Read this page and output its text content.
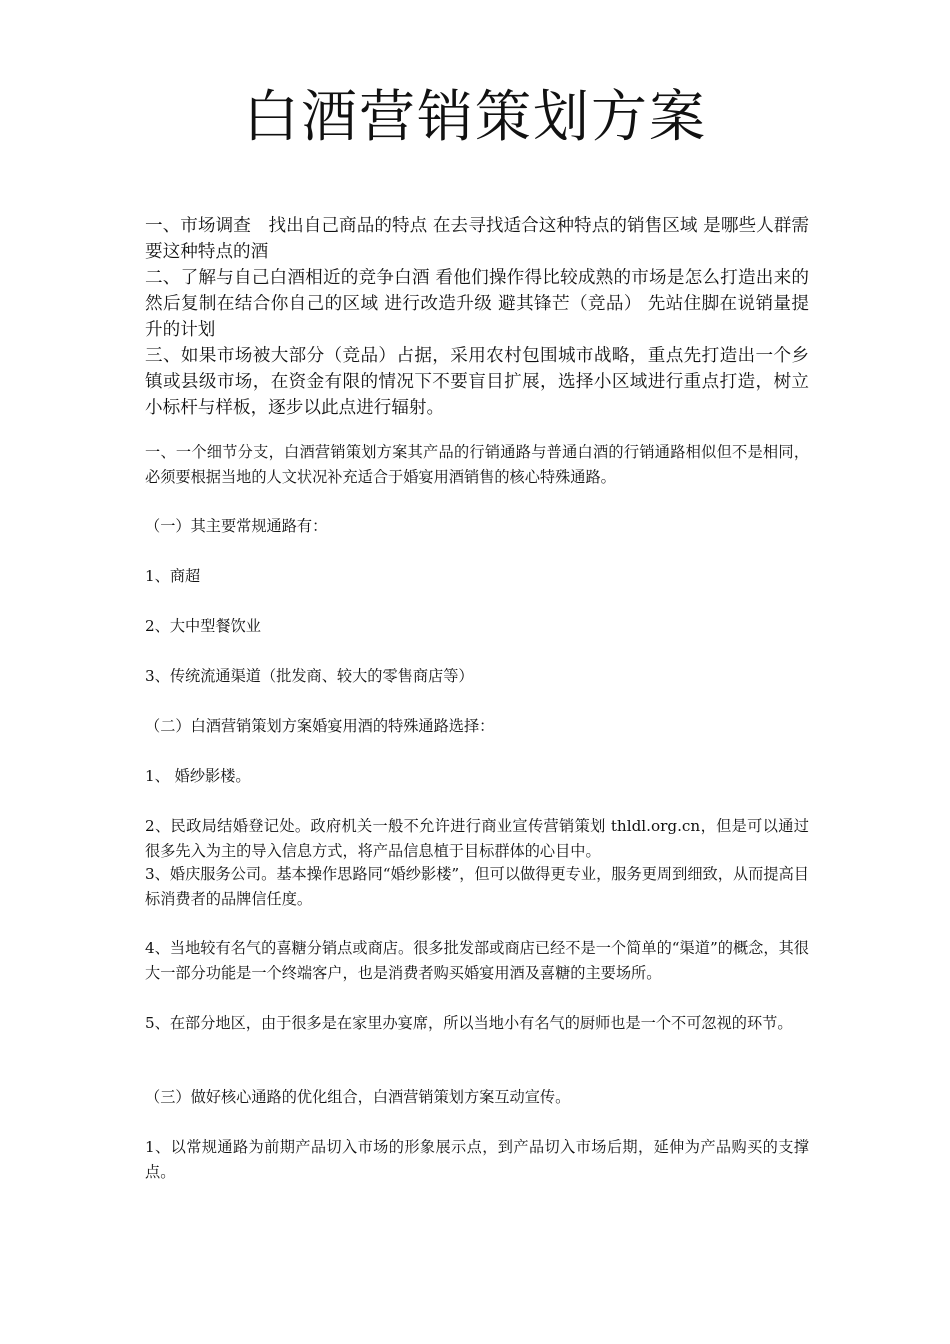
白酒营销策划方案

一、市场调查　找出自己商品的特点 在去寻找适合这种特点的销售区域 是哪些人群需要这种特点的酒

二、了解与自己白酒相近的竞争白酒 看他们操作得比较成熟的市场是怎么打造出来的 然后复制在结合你自己的区域 进行改造升级 避其锋芒（竞品） 先站住脚在说销量提升的计划

三、如果市场被大部分（竞品）占据，采用农村包围城市战略，重点先打造出一个乡镇或县级市场，在资金有限的情况下不要盲目扩展，选择小区域进行重点打造，树立小标杆与样板，逐步以此点进行辐射。

一、一个细节分支，白酒营销策划方案其产品的行销通路与普通白酒的行销通路相似但不是相同，必须要根据当地的人文状况补充适合于婚宴用酒销售的核心特殊通路。

（一）其主要常规通路有：

1、商超

2、大中型餐饮业

3、传统流通渠道（批发商、较大的零售商店等）

（二）白酒营销策划方案婚宴用酒的特殊通路选择：

1、 婚纱影楼。

2、民政局结婚登记处。政府机关一般不允许进行商业宣传营销策划 thldl.org.cn，但是可以通过很多先入为主的导入信息方式，将产品信息植于目标群体的心目中。

3、婚庆服务公司。基本操作思路同“婚纱影楼”，但可以做得更专业，服务更周到细致，从而提高目标消费者的品牌信任度。

4、当地较有名气的喜糖分销点或商店。很多批发部或商店已经不是一个简单的“渠道”的概念，其很大一部分功能是一个终端客户，也是消费者购买婚宴用酒及喜糖的主要场所。

5、在部分地区，由于很多是在家里办宴席，所以当地小有名气的厨师也是一个不可忽视的环节。

（三）做好核心通路的优化组合，白酒营销策划方案互动宣传。

1、以常规通路为前期产品切入市场的形象展示点，到产品切入市场后期，延伸为产品购买的支撑点。
